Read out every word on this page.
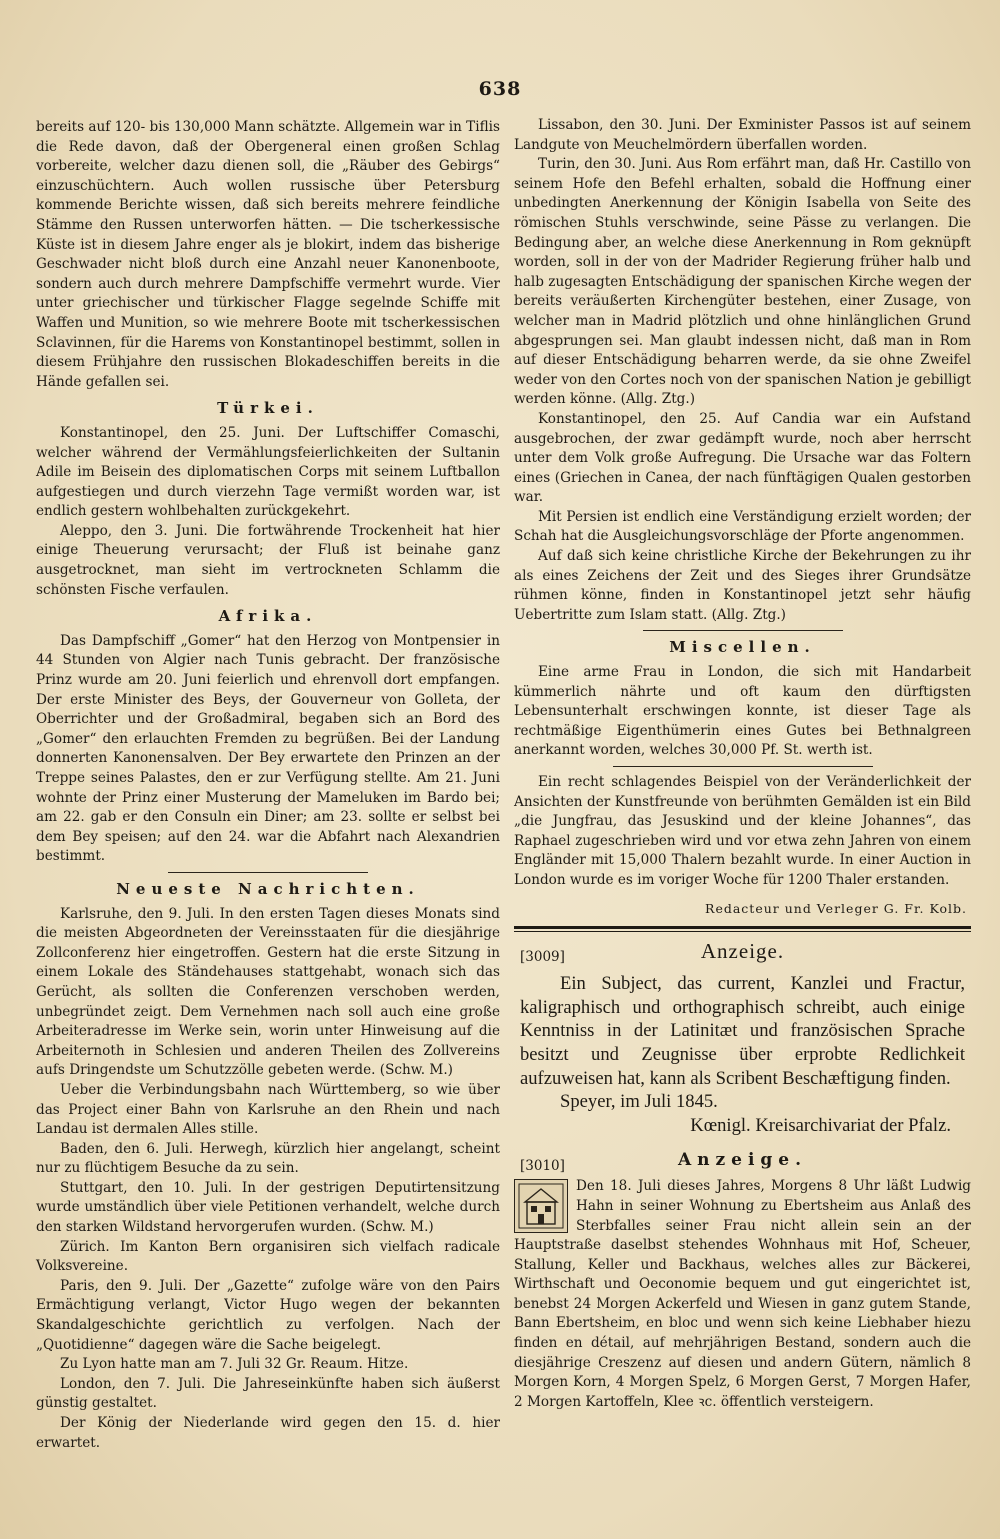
638

bereits auf 120- bis 130,000 Mann schätzte. Allgemein war in Tiflis die Rede davon, daß der Obergeneral einen großen Schlag vorbereite, welcher dazu dienen soll, die „Räuber des Gebirgs“ einzuschüchtern. Auch wollen russische über Petersburg kommende Berichte wissen, daß sich bereits mehrere feindliche Stämme den Russen unterworfen hätten. — Die tscherkessische Küste ist in diesem Jahre enger als je blokirt, indem das bisherige Geschwader nicht bloß durch eine Anzahl neuer Kanonenboote, sondern auch durch mehrere Dampfschiffe vermehrt wurde. Vier unter griechischer und türkischer Flagge segelnde Schiffe mit Waffen und Munition, so wie mehrere Boote mit tscherkessischen Sclavinnen, für die Harems von Konstantinopel bestimmt, sollen in diesem Frühjahre den russischen Blokadeschiffen bereits in die Hände gefallen sei.

Türkei.

Konstantinopel, den 25. Juni. Der Luftschiffer Comaschi, welcher während der Vermählungsfeierlichkeiten der Sultanin Adile im Beisein des diplomatischen Corps mit seinem Luftballon aufgestiegen und durch vierzehn Tage vermißt worden war, ist endlich gestern wohlbehalten zurückgekehrt.

Aleppo, den 3. Juni. Die fortwährende Trockenheit hat hier einige Theuerung verursacht; der Fluß ist beinahe ganz ausgetrocknet, man sieht im vertrockneten Schlamm die schönsten Fische verfaulen.

Afrika.

Das Dampfschiff „Gomer“ hat den Herzog von Montpensier in 44 Stunden von Algier nach Tunis gebracht. Der französische Prinz wurde am 20. Juni feierlich und ehrenvoll dort empfangen. Der erste Minister des Beys, der Gouverneur von Golleta, der Oberrichter und der Großadmiral, begaben sich an Bord des „Gomer“ den erlauchten Fremden zu begrüßen. Bei der Landung donnerten Kanonensalven. Der Bey erwartete den Prinzen an der Treppe seines Palastes, den er zur Verfügung stellte. Am 21. Juni wohnte der Prinz einer Musterung der Mameluken im Bardo bei; am 22. gab er den Consuln ein Diner; am 23. sollte er selbst bei dem Bey speisen; auf den 24. war die Abfahrt nach Alexandrien bestimmt.

Neueste Nachrichten.

Karlsruhe, den 9. Juli. In den ersten Tagen dieses Monats sind die meisten Abgeordneten der Vereinsstaaten für die diesjährige Zollconferenz hier eingetroffen. Gestern hat die erste Sitzung in einem Lokale des Ständehauses stattgehabt, wonach sich das Gerücht, als sollten die Conferenzen verschoben werden, unbegründet zeigt. Dem Vernehmen nach soll auch eine große Arbeiteradresse im Werke sein, worin unter Hinweisung auf die Arbeiternoth in Schlesien und anderen Theilen des Zollvereins aufs Dringendste um Schutzzölle gebeten werde. (Schw. M.)

Ueber die Verbindungsbahn nach Württemberg, so wie über das Project einer Bahn von Karlsruhe an den Rhein und nach Landau ist dermalen Alles stille.

Baden, den 6. Juli. Herwegh, kürzlich hier angelangt, scheint nur zu flüchtigem Besuche da zu sein.

Stuttgart, den 10. Juli. In der gestrigen Deputirtensitzung wurde umständlich über viele Petitionen verhandelt, welche durch den starken Wildstand hervorgerufen wurden. (Schw. M.)

Zürich. Im Kanton Bern organisiren sich vielfach radicale Volksvereine.

Paris, den 9. Juli. Der „Gazette“ zufolge wäre von den Pairs Ermächtigung verlangt, Victor Hugo wegen der bekannten Skandalgeschichte gerichtlich zu verfolgen. Nach der „Quotidienne“ dagegen wäre die Sache beigelegt.

Zu Lyon hatte man am 7. Juli 32 Gr. Reaum. Hitze.

London, den 7. Juli. Die Jahreseinkünfte haben sich äußerst günstig gestaltet.

Der König der Niederlande wird gegen den 15. d. hier erwartet.

Lissabon, den 30. Juni. Der Exminister Passos ist auf seinem Landgute von Meuchelmördern überfallen worden.

Turin, den 30. Juni. Aus Rom erfährt man, daß Hr. Castillo von seinem Hofe den Befehl erhalten, sobald die Hoffnung einer unbedingten Anerkennung der Königin Isabella von Seite des römischen Stuhls verschwinde, seine Pässe zu verlangen. Die Bedingung aber, an welche diese Anerkennung in Rom geknüpft worden, soll in der von der Madrider Regierung früher halb und halb zugesagten Entschädigung der spanischen Kirche wegen der bereits veräußerten Kirchengüter bestehen, einer Zusage, von welcher man in Madrid plötzlich und ohne hinlänglichen Grund abgesprungen sei. Man glaubt indessen nicht, daß man in Rom auf dieser Entschädigung beharren werde, da sie ohne Zweifel weder von den Cortes noch von der spanischen Nation je gebilligt werden könne. (Allg. Ztg.)

Konstantinopel, den 25. Auf Candia war ein Aufstand ausgebrochen, der zwar gedämpft wurde, noch aber herrscht unter dem Volk große Aufregung. Die Ursache war das Foltern eines (Griechen in Canea, der nach fünftägigen Qualen gestorben war.

Mit Persien ist endlich eine Verständigung erzielt worden; der Schah hat die Ausgleichungsvorschläge der Pforte angenommen.

Auf daß sich keine christliche Kirche der Bekehrungen zu ihr als eines Zeichens der Zeit und des Sieges ihrer Grundsätze rühmen könne, finden in Konstantinopel jetzt sehr häufig Uebertritte zum Islam statt. (Allg. Ztg.)

Miscellen.

Eine arme Frau in London, die sich mit Handarbeit kümmerlich nährte und oft kaum den dürftigsten Lebensunterhalt erschwingen konnte, ist dieser Tage als rechtmäßige Eigenthümerin eines Gutes bei Bethnalgreen anerkannt worden, welches 30,000 Pf. St. werth ist.

Ein recht schlagendes Beispiel von der Veränderlichkeit der Ansichten der Kunstfreunde von berühmten Gemälden ist ein Bild „die Jungfrau, das Jesuskind und der kleine Johannes“, das Raphael zugeschrieben wird und vor etwa zehn Jahren von einem Engländer mit 15,000 Thalern bezahlt wurde. In einer Auction in London wurde es im voriger Woche für 1200 Thaler erstanden.

Redacteur und Verleger G. Fr. Kolb.
[3009]	Anzeige.

Ein Subject, das current, Kanzlei und Fractur, kaligraphisch und orthographisch schreibt, auch einige Kenntniss in der Latinitæt und französischen Sprache besitzt und Zeugnisse über erprobte Redlichkeit aufzuweisen hat, kann als Scribent Beschæftigung finden.

Speyer, im Juli 1845.

Kœnigl. Kreisarchivariat der Pfalz.

[3010]	Anzeige.
Den 18. Juli dieses Jahres, Morgens 8 Uhr läßt Ludwig Hahn in seiner Wohnung zu Ebertsheim aus Anlaß des Sterbfalles seiner Frau nicht allein sein an der Hauptstraße daselbst stehendes Wohnhaus mit Hof, Scheuer, Stallung, Keller und Backhaus, welches alles zur Bäckerei, Wirthschaft und Oeconomie bequem und gut eingerichtet ist, benebst 24 Morgen Ackerfeld und Wiesen in ganz gutem Stande, Bann Ebertsheim, en bloc und wenn sich keine Liebhaber hiezu finden en détail, auf mehrjährigen Bestand, sondern auch die diesjährige Creszenz auf diesen und andern Gütern, nämlich 8 Morgen Korn, 4 Morgen Spelz, 6 Morgen Gerst, 7 Morgen Hafer, 2 Morgen Kartoffeln, Klee ꝛc. öffentlich versteigern.
